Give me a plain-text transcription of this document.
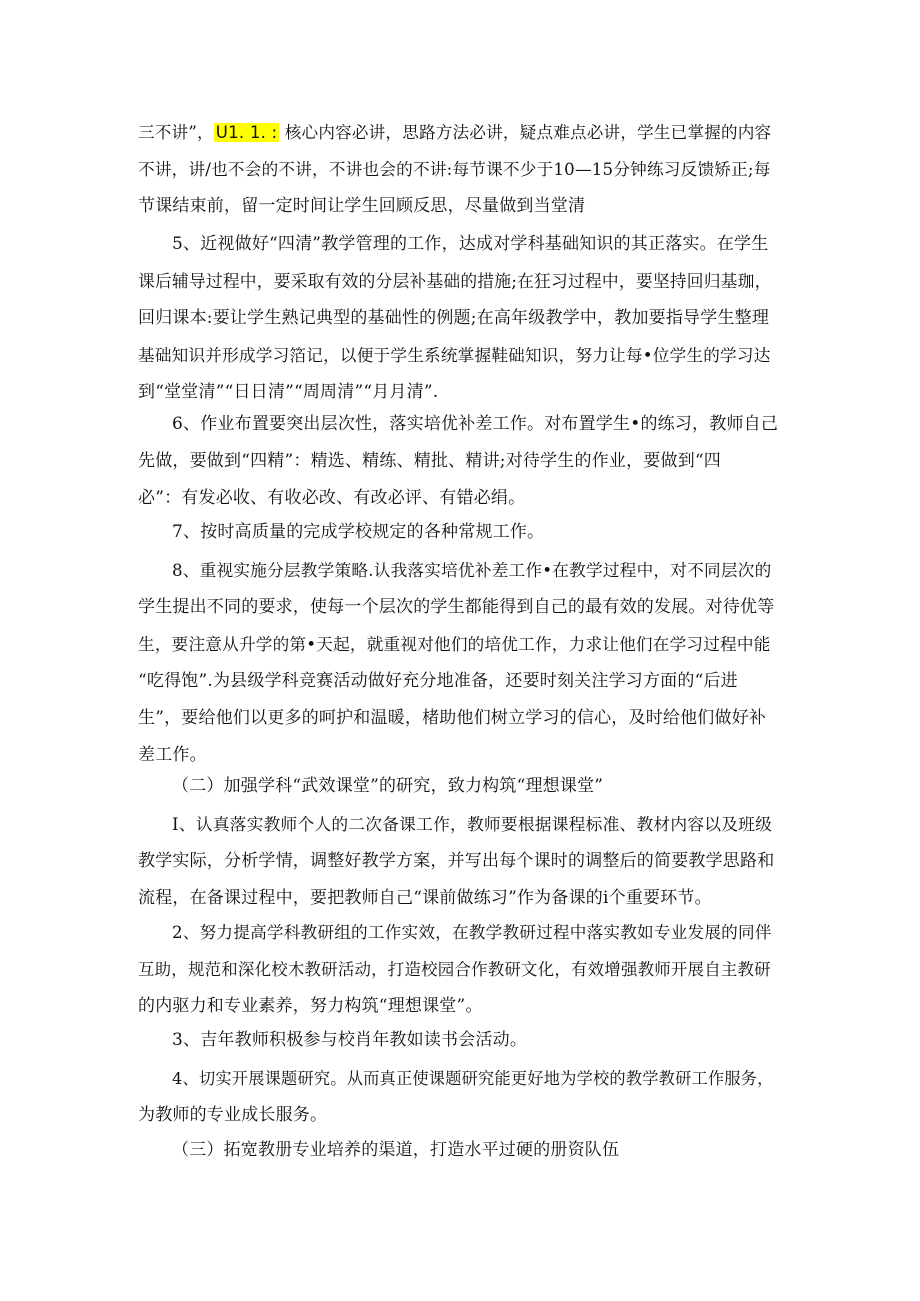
三不讲”， U1. 1. : 核心内容必讲，思路方法必讲，疑点难点必讲，学生已掌握的内容
不讲，讲/也不会的不讲，不讲也会的不讲:每节课不少于10—15分钟练习反馈矫正;每
节课结束前，留一定时间让学生回顾反思，尽量做到当堂清

5、近视做好“四清”教学管理的工作，达成对学科基础知识的其正落实。在学生
课后辅导过程中，要采取有效的分层补基础的措施;在狂习过程中，要坚持回归基珈，
回归课本:要让学生熟记典型的基础性的例题;在高年级教学中，教加要指导学生整理
基础知识并形成学习箔记，以便于学生系统掌握鞋础知识，努力让每•位学生的学习达
到“堂堂清”“日日清”“周周清”“月月清”.

6、作业布置要突出层次性，落实培优补差工作。对布置学生•的练习，教师自己
先做，要做到“四精”：精选、精练、精批、精讲;对待学生的作业，要做到“四
必”：有发必收、有收必改、有改必评、有错必绢。

7、按时高质量的完成学校规定的各种常规工作。

8、重视实施分层教学策略.认我落实培优补差工作•在教学过程中，对不同层次的
学生提出不同的要求，使每一个层次的学生都能得到自己的最有效的发展。对待优等
生，要注意从升学的第•天起，就重视对他们的培优工作，力求让他们在学习过程中能
“吃得饱”.为县级学科竞赛活动做好充分地准备，还要时刻关注学习方面的“后进
生”，要给他们以更多的呵护和温暖，楮助他们树立学习的信心，及时给他们做好补
差工作。

（二）加强学科“武效课堂”的研究，致力构筑“理想课堂”

I、认真落实教师个人的二次备课工作，教师要根据课程标准、教材内容以及班级
教学实际，分析学情，调整好教学方案，并写出每个课时的调整后的简要教学思路和
流程，在备课过程中，要把教师自己“课前做练习”作为备课的i个重要环节。

2、努力提高学科教研组的工作实效，在教学教研过程中落实教如专业发展的同伴
互助，规范和深化校木教研活动，打造校园合作教研文化，有效增强教师开展自主教研
的内驱力和专业素养，努力构筑“理想课堂”。

3、吉年教师积极参与校肖年教如读书会活动。

4、切实开展课题研究。从而真正使课题研究能更好地为学校的教学教研工作服务，
为教师的专业成长服务。

（三）拓宽教册专业培养的渠道，打造水平过硬的册资队伍
